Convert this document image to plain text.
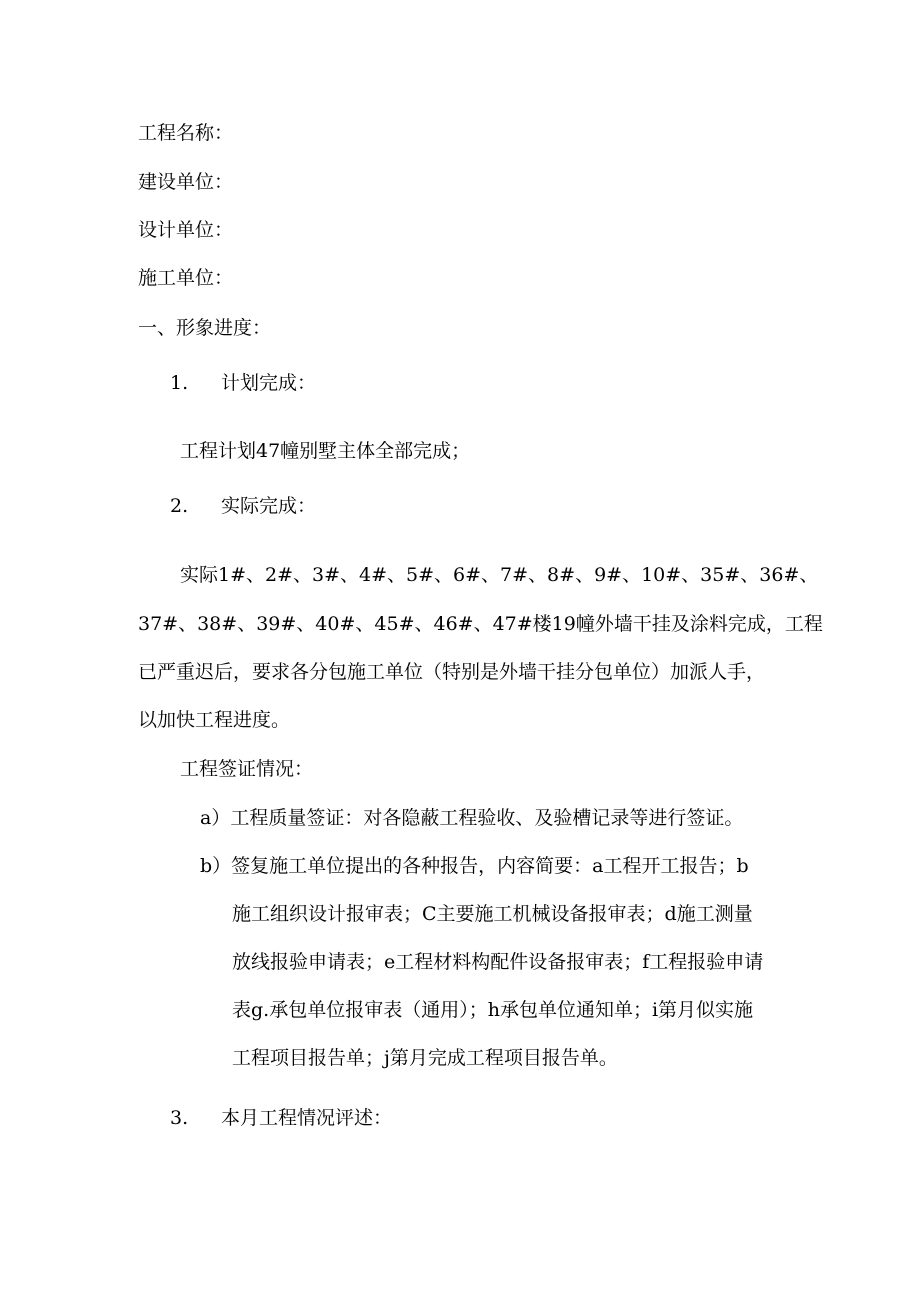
工程名称：
建设单位：
设计单位：
施工单位：
一、形象进度：
1. 计划完成：
工程计划47幢别墅主体全部完成；
2. 实际完成：
实际1#、2#、3#、4#、5#、6#、7#、8#、9#、10#、35#、36#、
37#、38#、39#、40#、45#、46#、47#楼19幢外墙干挂及涂料完成，工程
已严重迟后，要求各分包施工单位（特别是外墙干挂分包单位）加派人手，
以加快工程进度。
工程签证情况：
a）工程质量签证：对各隐蔽工程验收、及验槽记录等进行签证。
b）签复施工单位提出的各种报告，内容简要：a工程开工报告；b
施工组织设计报审表；C主要施工机械设备报审表；d施工测量
放线报验申请表；e工程材料构配件设备报审表；f工程报验申请
表g.承包单位报审表（通用）；h承包单位通知单；i第月似实施
工程项目报告单；j第月完成工程项目报告单。
3. 本月工程情况评述：
